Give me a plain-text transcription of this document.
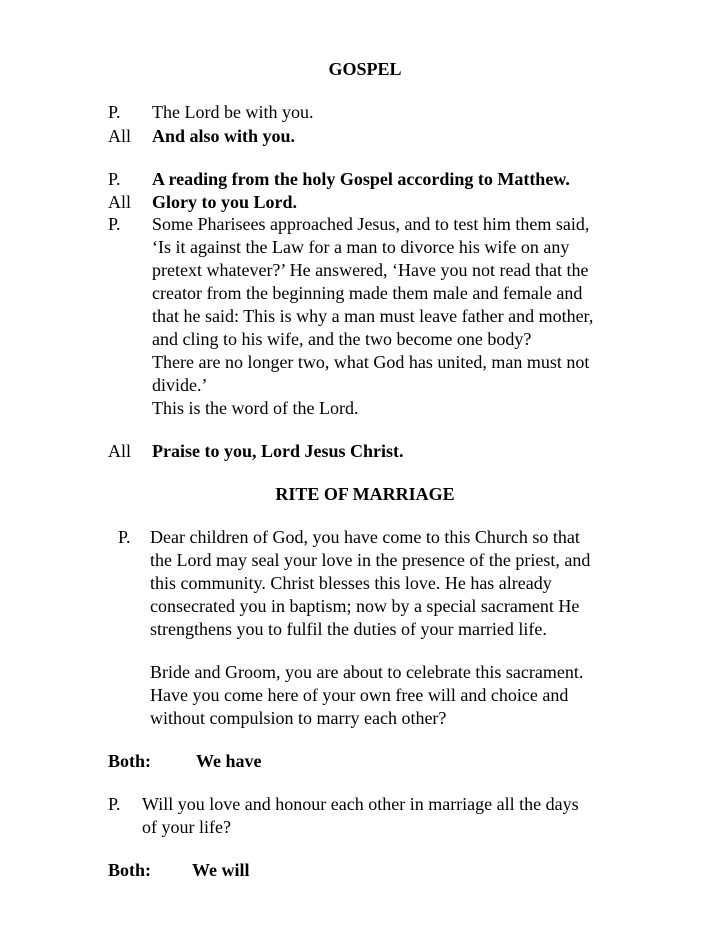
GOSPEL
P. The Lord be with you.
All And also with you.
P. A reading from the holy Gospel according to Matthew.
All Glory to you Lord.
P. Some Pharisees approached Jesus, and to test him them said,
‘Is it against the Law for a man to divorce his wife on any
pretext whatever?’ He answered, ‘Have you not read that the
creator from the beginning made them male and female and
that he said: This is why a man must leave father and mother,
and cling to his wife, and the two become one body?
There are no longer two, what God has united, man must not
divide.’
This is the word of the Lord.
All Praise to you, Lord Jesus Christ.
RITE OF MARRIAGE
P. Dear children of God, you have come to this Church so that
the Lord may seal your love in the presence of the priest, and
this community. Christ blesses this love. He has already
consecrated you in baptism; now by a special sacrament He
strengthens you to fulfil the duties of your married life.
Bride and Groom, you are about to celebrate this sacrament.
Have you come here of your own free will and choice and
without compulsion to marry each other?
Both: We have
P. Will you love and honour each other in marriage all the days
of your life?
Both: We will
